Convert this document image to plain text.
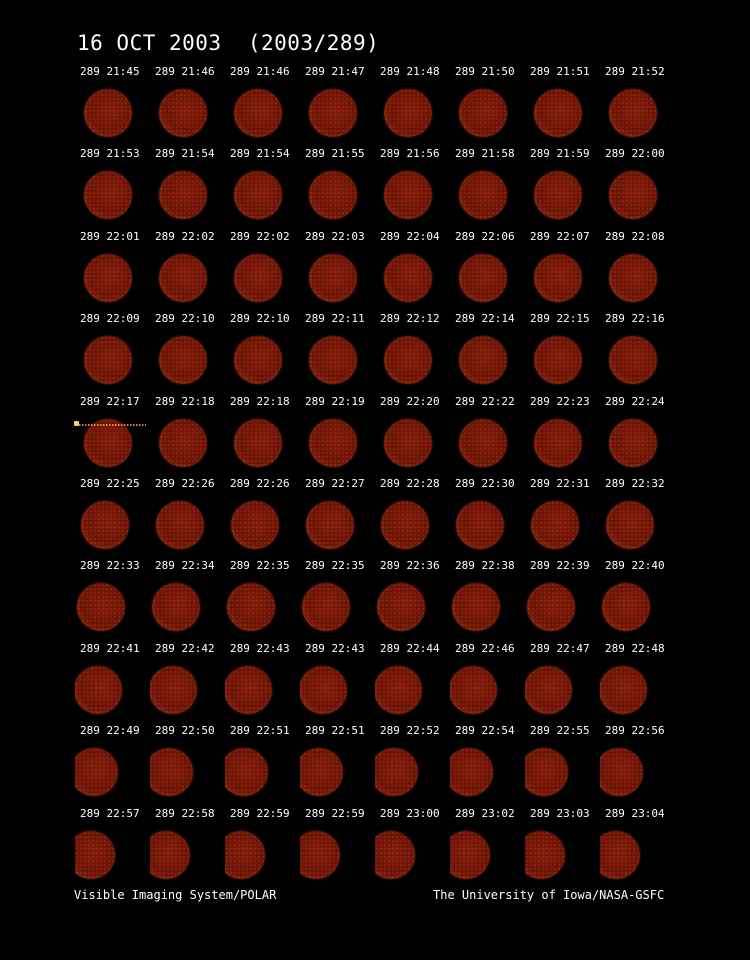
16 OCT 2003  (2003/289)
289 21:45 289 21:46 289 21:46 289 21:47 289 21:48 289 21:50 289 21:51 289 21:52
289 21:53 289 21:54 289 21:54 289 21:55 289 21:56 289 21:58 289 21:59 289 22:00
289 22:01 289 22:02 289 22:02 289 22:03 289 22:04 289 22:06 289 22:07 289 22:08
289 22:09 289 22:10 289 22:10 289 22:11 289 22:12 289 22:14 289 22:15 289 22:16
289 22:17 289 22:18 289 22:18 289 22:19 289 22:20 289 22:22 289 22:23 289 22:24
289 22:25 289 22:26 289 22:26 289 22:27 289 22:28 289 22:30 289 22:31 289 22:32
289 22:33 289 22:34 289 22:35 289 22:35 289 22:36 289 22:38 289 22:39 289 22:40
289 22:41 289 22:42 289 22:43 289 22:43 289 22:44 289 22:46 289 22:47 289 22:48
289 22:49 289 22:50 289 22:51 289 22:51 289 22:52 289 22:54 289 22:55 289 22:56
289 22:57 289 22:58 289 22:59 289 22:59 289 23:00 289 23:02 289 23:03 289 23:04
Visible Imaging System/POLAR	The University of Iowa/NASA-GSFC
